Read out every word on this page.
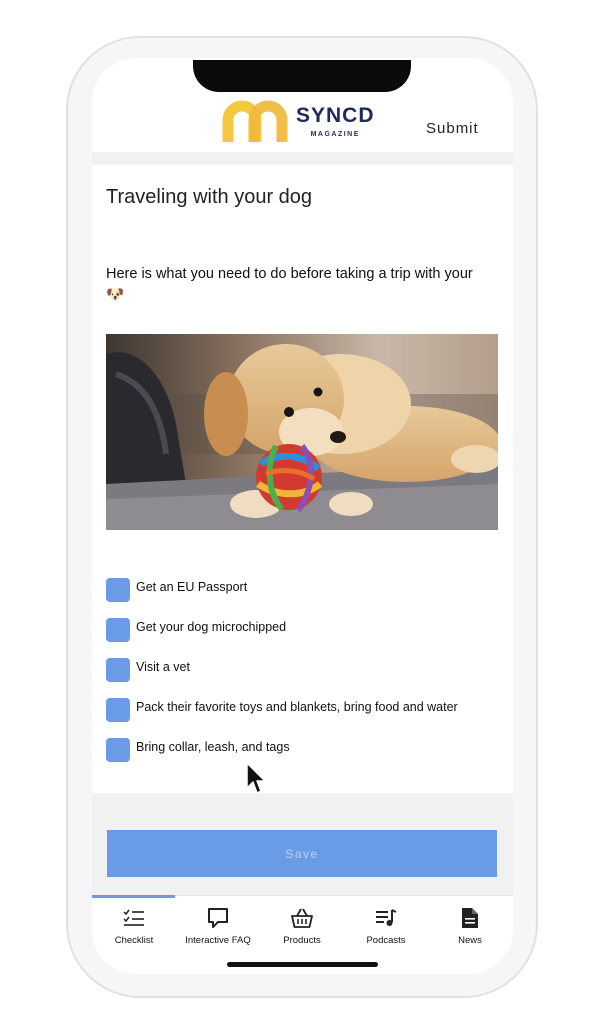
SYNCD
MAGAZINE	Submit
Traveling with your dog
Here is what you need to do before taking a trip with your 🐶
Get an EU Passport
Get your dog microchipped
Visit a vet
Pack their favorite toys and blankets, bring food and water
Bring collar, leash, and tags
Save
Checklist	Interactive FAQ	Products	Podcasts	News
